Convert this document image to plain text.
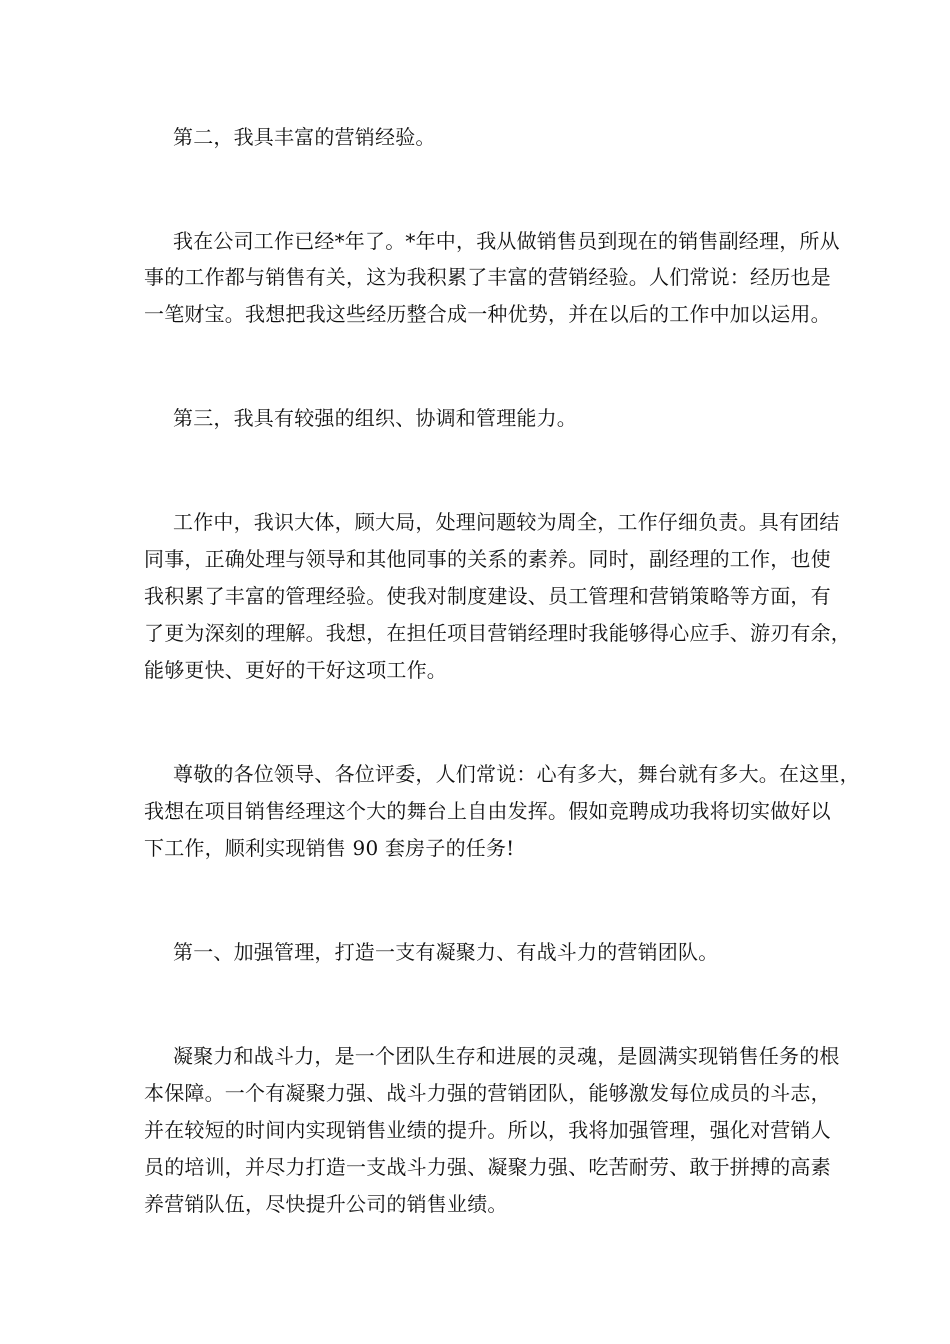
第二，我具丰富的营销经验。
我在公司工作已经*年了。*年中，我从做销售员到现在的销售副经理，所从
事的工作都与销售有关，这为我积累了丰富的营销经验。人们常说：经历也是
一笔财宝。我想把我这些经历整合成一种优势，并在以后的工作中加以运用。
第三，我具有较强的组织、协调和管理能力。
工作中，我识大体，顾大局，处理问题较为周全，工作仔细负责。具有团结
同事，正确处理与领导和其他同事的关系的素养。同时，副经理的工作，也使
我积累了丰富的管理经验。使我对制度建设、员工管理和营销策略等方面，有
了更为深刻的理解。我想，在担任项目营销经理时我能够得心应手、游刃有余，
能够更快、更好的干好这项工作。
尊敬的各位领导、各位评委，人们常说：心有多大，舞台就有多大。在这里，
我想在项目销售经理这个大的舞台上自由发挥。假如竞聘成功我将切实做好以
下工作，顺利实现销售 90 套房子的任务!
第一、加强管理，打造一支有凝聚力、有战斗力的营销团队。
凝聚力和战斗力，是一个团队生存和进展的灵魂，是圆满实现销售任务的根
本保障。一个有凝聚力强、战斗力强的营销团队，能够激发每位成员的斗志，
并在较短的时间内实现销售业绩的提升。所以，我将加强管理，强化对营销人
员的培训，并尽力打造一支战斗力强、凝聚力强、吃苦耐劳、敢于拼搏的高素
养营销队伍，尽快提升公司的销售业绩。
